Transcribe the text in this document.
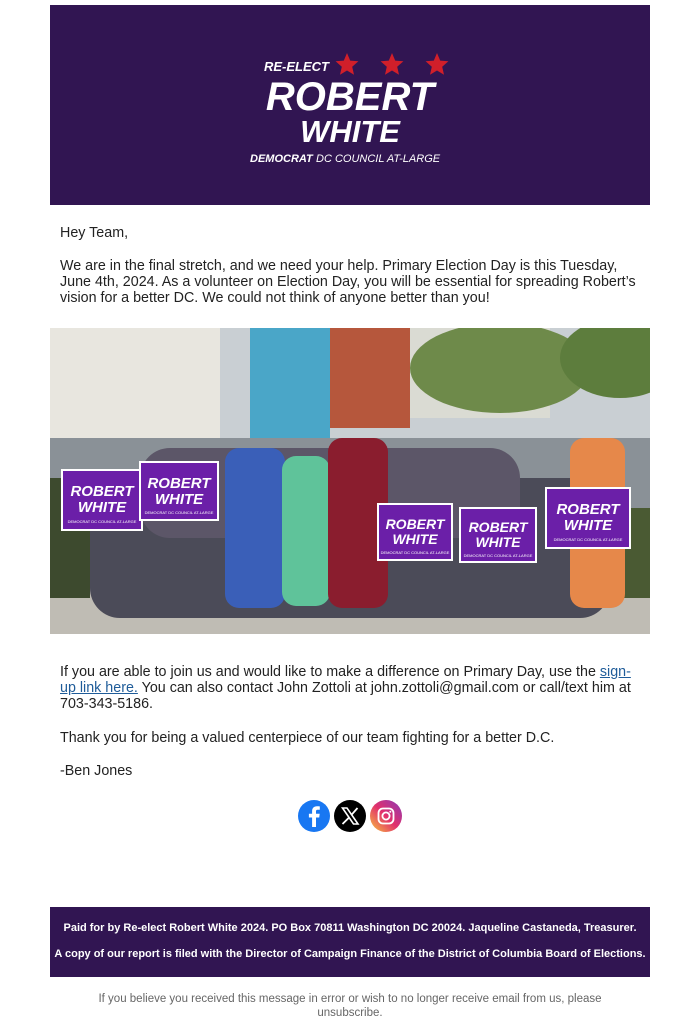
RE-ELECT
ROBERT
WHITE
DEMOCRAT DC COUNCIL AT-LARGE

Hey Team,

We are in the final stretch, and we need your help. Primary Election Day is this Tuesday, June 4th, 2024. As a volunteer on Election Day, you will be essential for spreading Robert’s vision for a better DC. We could not think of anyone better than you!

ROBERT
WHITE
DEMOCRAT DC COUNCIL AT-LARGE
ROBERT
WHITE
DEMOCRAT DC COUNCIL AT-LARGE
ROBERT
WHITE
DEMOCRAT DC COUNCIL AT-LARGE
ROBERT
WHITE
DEMOCRAT DC COUNCIL AT-LARGE
ROBERT
WHITE
DEMOCRAT DC COUNCIL AT-LARGE

If you are able to join us and would like to make a difference on Primary Day, use the sign-up link here. You can also contact John Zottoli at john.zottoli@gmail.com or call/text him at 703-343-5186.

Thank you for being a valued centerpiece of our team fighting for a better D.C.

-Ben Jones

Paid for by Re-elect Robert White 2024. PO Box 70811 Washington DC 20024. Jaqueline Castaneda, Treasurer.
A copy of our report is filed with the Director of Campaign Finance of the District of Columbia Board of Elections.
If you believe you received this message in error or wish to no longer receive email from us, please unsubscribe.
